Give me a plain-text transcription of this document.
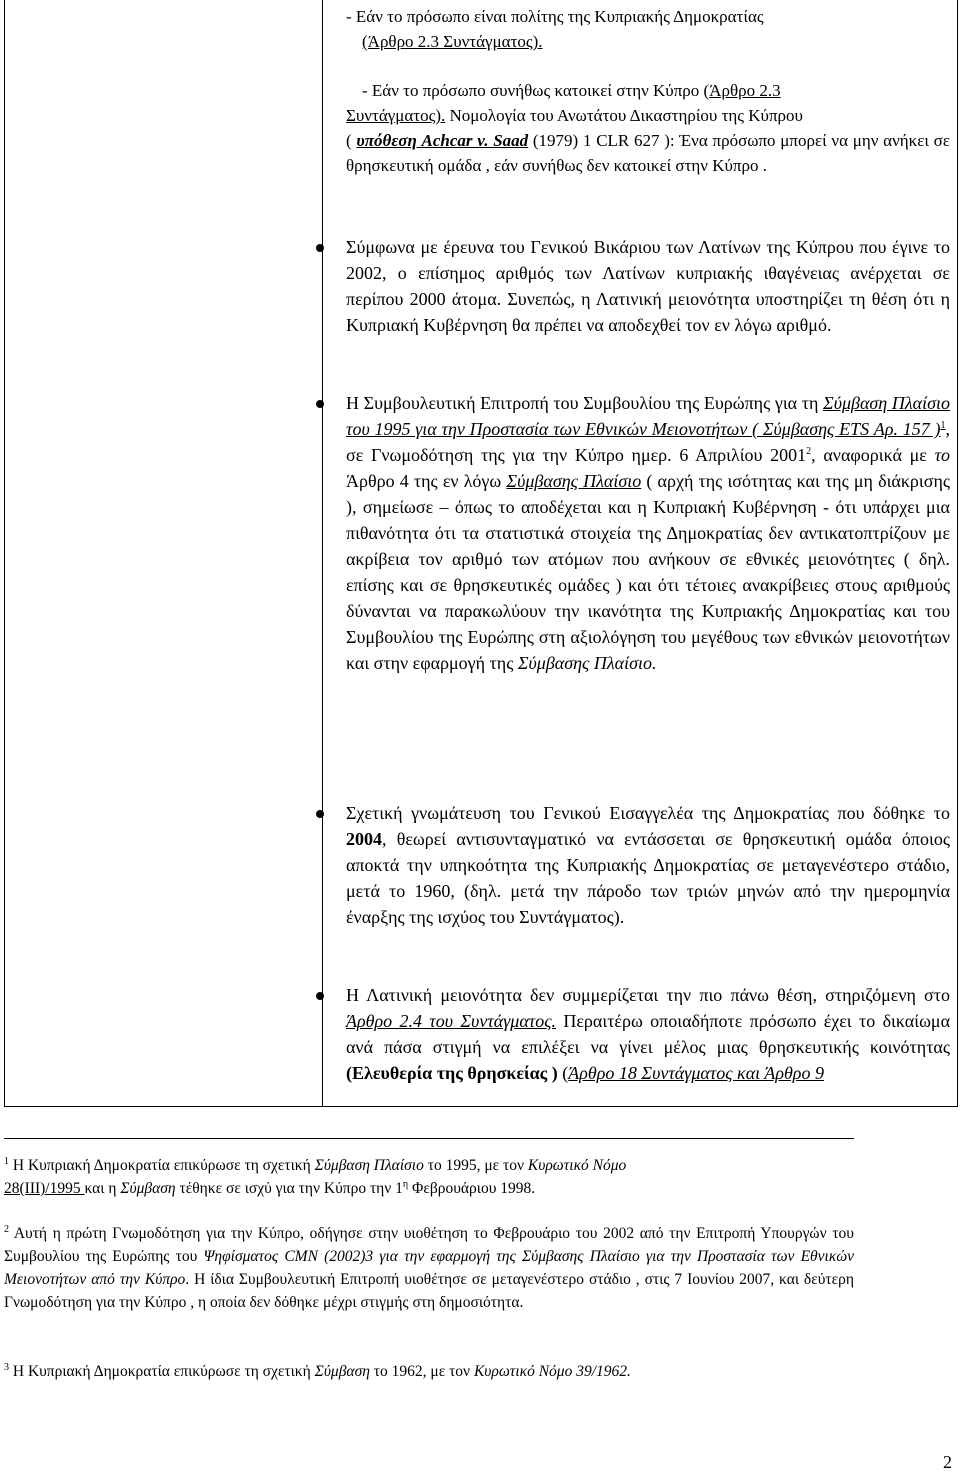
- Εάν το πρόσωπο είναι πολίτης της Κυπριακής Δημοκρατίας
(Άρθρο 2.3 Συντάγματος).
- Εάν το πρόσωπο συνήθως κατοικεί στην Κύπρο (Άρθρο 2.3
Συντάγματος). Νομολογία του Ανωτάτου Δικαστηρίου της Κύπρου
( υπόθεση Achcar v. Saad (1979) 1 CLR 627 ): Ένα πρόσωπο μπορεί να μην ανήκει σε θρησκευτική ομάδα , εάν συνήθως δεν κατοικεί στην Κύπρο .
Σύμφωνα με έρευνα του Γενικού Βικάριου των Λατίνων της Κύπρου που έγινε το 2002, ο επίσημος αριθμός των Λατίνων κυπριακής ιθαγένειας ανέρχεται σε περίπου 2000 άτομα. Συνεπώς, η Λατινική μειονότητα υποστηρίζει τη θέση ότι η Κυπριακή Κυβέρνηση θα πρέπει να αποδεχθεί τον εν λόγω αριθμό.
Η Συμβουλευτική Επιτροπή του Συμβουλίου της Ευρώπης για τη Σύμβαση Πλαίσιο του 1995 για την Προστασία των Εθνικών Μειονοτήτων ( Σύμβασης ETS Αρ. 157 )$^1$, σε Γνωμοδότηση της για την Κύπρο ημερ. 6 Απριλίου 2001$^2$, αναφορικά με το Άρθρο 4 της εν λόγω Σύμβασης Πλαίσιο ( αρχή της ισότητας και της μη διάκρισης ), σημείωσε – όπως το αποδέχεται και η Κυπριακή Κυβέρνηση - ότι υπάρχει μια πιθανότητα ότι τα στατιστικά στοιχεία της Δημοκρατίας δεν αντικατοπτρίζουν με ακρίβεια τον αριθμό των ατόμων που ανήκουν σε εθνικές μειονότητες ( δηλ. επίσης και σε θρησκευτικές ομάδες ) και ότι τέτοιες ανακρίβειες στους αριθμούς δύνανται να παρακωλύουν την ικανότητα της Κυπριακής Δημοκρατίας και του Συμβουλίου της Ευρώπης στη αξιολόγηση του μεγέθους των εθνικών μειονοτήτων και στην εφαρμογή της Σύμβασης Πλαίσιο.
Σχετική γνωμάτευση του Γενικού Εισαγγελέα της Δημοκρατίας που δόθηκε το 2004, θεωρεί αντισυνταγματικό να εντάσσεται σε θρησκευτική ομάδα όποιος αποκτά την υπηκοότητα της Κυπριακής Δημοκρατίας σε μεταγενέστερο στάδιο, μετά το 1960, (δηλ. μετά την πάροδο των τριών μηνών από την ημερομηνία έναρξης της ισχύος του Συντάγματος).
Η Λατινική μειονότητα δεν συμμερίζεται την πιο πάνω θέση, στηριζόμενη στο Άρθρο 2.4 του Συντάγματος. Περαιτέρω οποιαδήποτε πρόσωπο έχει το δικαίωμα ανά πάσα στιγμή να επιλέξει να γίνει μέλος μιας θρησκευτικής κοινότητας (Ελευθερία της θρησκείας ) (Άρθρο 18 Συντάγματος και Άρθρο 9
$^1$ Η Κυπριακή Δημοκρατία επικύρωσε τη σχετική Σύμβαση Πλαίσιο το 1995, με τον Κυρωτικό Νόμο
28(ΙΙΙ)/1995 και η Σύμβαση τέθηκε σε ισχύ για την Κύπρο την $1^\eta$ Φεβρουάριου 1998.
$^2$ Αυτή η πρώτη Γνωμοδότηση για την Κύπρο, οδήγησε στην υιοθέτηση το Φεβρουάριο του 2002 από την Επιτροπή Υπουργών του Συμβουλίου της Ευρώπης του Ψηφίσματος CMN (2002)3 για την εφαρμογή της Σύμβασης Πλαίσιο για την Προστασία των Εθνικών Μειονοτήτων από την Κύπρο. Η ίδια Συμβουλευτική Επιτροπή υιοθέτησε σε μεταγενέστερο στάδιο , στις 7 Ιουνίου 2007, και δεύτερη Γνωμοδότηση για την Κύπρο , η οποία δεν δόθηκε μέχρι στιγμής στη δημοσιότητα.
$^3$ Η Κυπριακή Δημοκρατία επικύρωσε τη σχετική Σύμβαση το 1962, με τον Κυρωτικό Νόμο 39/1962.
2
